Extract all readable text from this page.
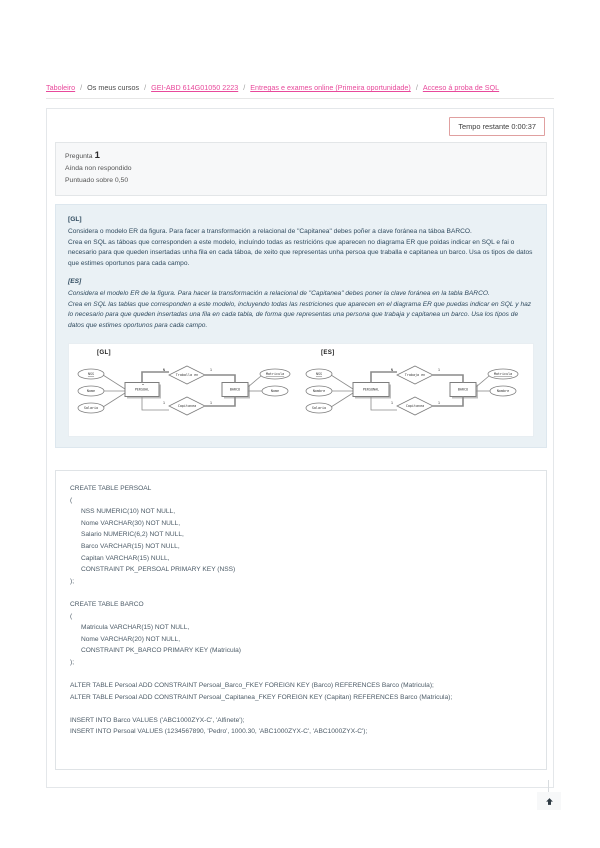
Taboleiro / Os meus cursos / GEI-ABD 614G01050 2223 / Entregas e exames online (Primeira oportunidade) / Acceso á proba de SQL
Tempo restante 0:00:37
Pregunta 1
Aínda non respondido
Puntuado sobre 0,50
[GL]

Considera o modelo ER da figura. Para facer a transformación a relacional de "Capitanea" debes poñer a clave foránea na táboa BARCO.

Crea en SQL as táboas que corresponden a este modelo, incluíndo todas as restricións que aparecen no diagrama ER que poidas indicar en SQL e fai o necesario para que queden insertadas unha fila en cada táboa, de xeito que representas unha persoa que traballa e capitanea un barco. Usa os tipos de datos que estimes oportunos para cada campo.

[ES]

Considera el modelo ER de la figura. Para hacer la transformación a relacional de "Capitanea" debes poner la clave foránea en la tabla BARCO.

Crea en SQL las tablas que corresponden a este modelo, incluyendo todas las restriciones que aparecen en el diagrama ER que puedas indicar en SQL y haz lo necesario para que queden insertadas una fila en cada tabla, de forma que representas una persona que trabaja y capitanea un barco. Usa los tipos de datos que estimes oportunos para cada campo.

[GL]	[ES]
NSS
Nome
Salario
PERSOAL	BARCO
Matricula
Nome
Traballa en
N	1
Capitanea
1	1
NSS
Nombre
Salario
PERSONAL	BARCO
Matricula
Nombre
Trabaja en
N	1
Capitanea
1	1
CREATE TABLE PERSOAL
(
NSS NUMERIC(10) NOT NULL,
Nome VARCHAR(30) NOT NULL,
Salario NUMERIC(6,2) NOT NULL,
Barco VARCHAR(15) NOT NULL,
Capitan VARCHAR(15) NULL,
CONSTRAINT PK_PERSOAL PRIMARY KEY (NSS)
);
CREATE TABLE BARCO
(
Matricula VARCHAR(15) NOT NULL,
Nome VARCHAR(20) NOT NULL,
CONSTRAINT PK_BARCO PRIMARY KEY (Matricula)
);
ALTER TABLE Persoal ADD CONSTRAINT Persoal_Barco_FKEY FOREIGN KEY (Barco) REFERENCES Barco (Matricula);
ALTER TABLE Persoal ADD CONSTRAINT Persoal_Capitanea_FKEY FOREIGN KEY (Capitan) REFERENCES Barco (Matricula);
INSERT INTO Barco VALUES ('ABC1000ZYX-C', 'Alfinete');
INSERT INTO Persoal VALUES (1234567890, 'Pedro', 1000.30, 'ABC1000ZYX-C', 'ABC1000ZYX-C');
